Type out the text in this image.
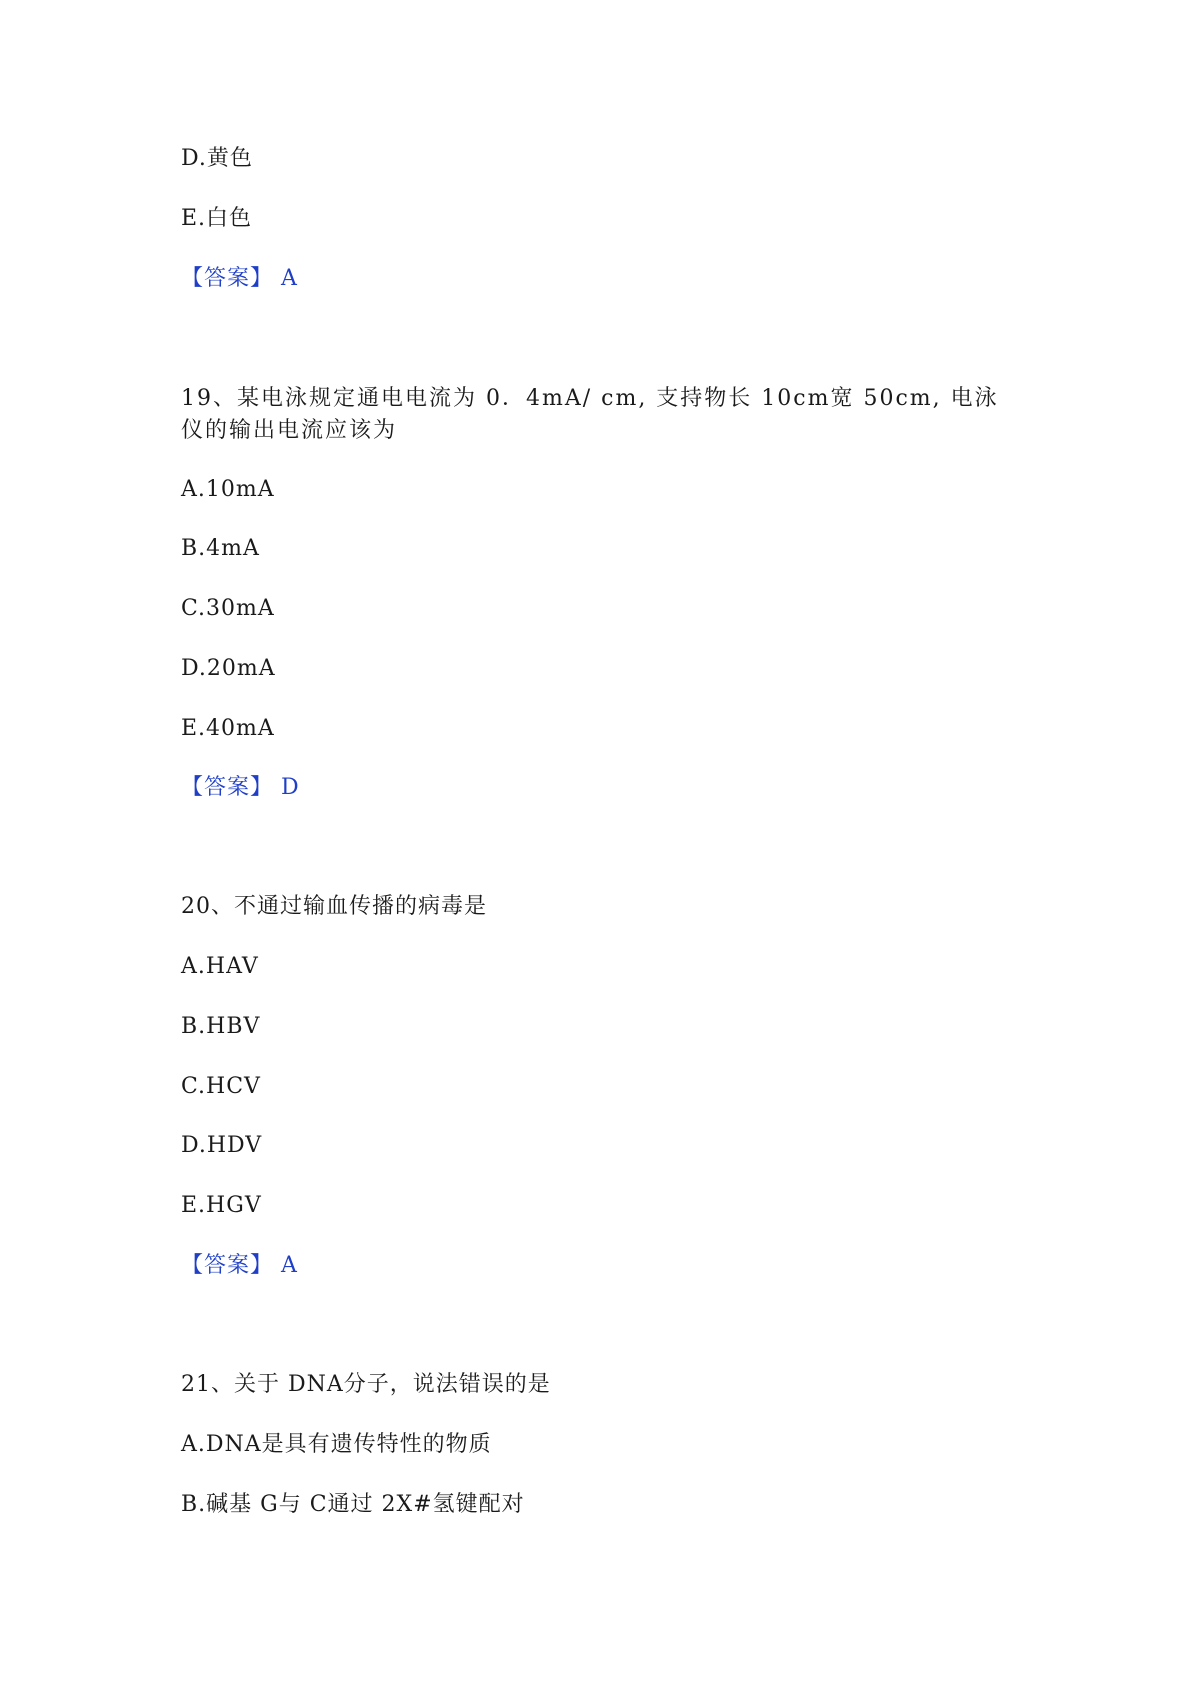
D.黄色
E.白色
【答案】 A
19、某电泳规定通电电流为 0．4mA/ cm, 支持物长 10cm宽 50cm, 电泳仪的输出电流应该为
A.10mA
B.4mA
C.30mA
D.20mA
E.40mA
【答案】 D
20、不通过输血传播的病毒是
A.HAV
B.HBV
C.HCV
D.HDV
E.HGV
【答案】 A
21、关于 DNA分子，说法错误的是
A.DNA是具有遗传特性的物质
B.碱基 G与 C通过 2X#氢键配对
